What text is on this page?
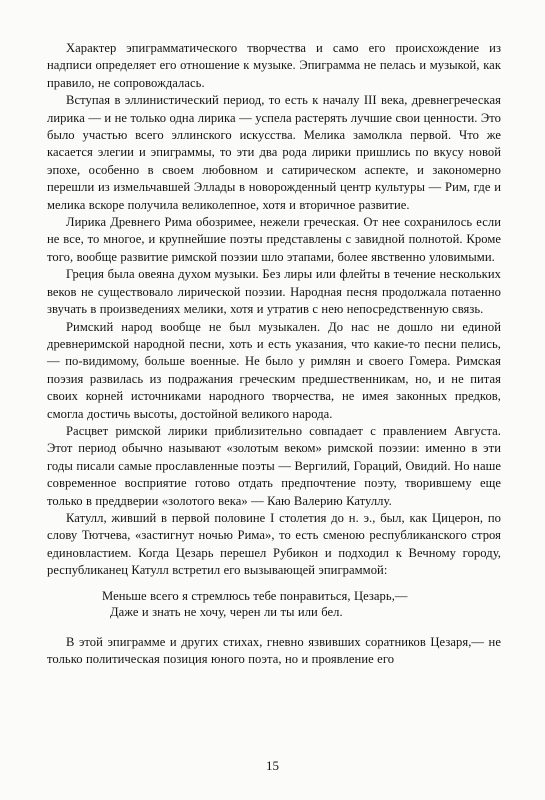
Характер эпиграмматического творчества и само его происхождение из надписи определяет его отношение к музыке. Эпиграмма не пелась и музыкой, как правило, не сопровождалась.

Вступая в эллинистический период, то есть к началу III века, древнегреческая лирика — и не только одна лирика — успела растерять лучшие свои ценности. Это было участью всего эллинского искусства. Мелика замолкла первой. Что же касается элегии и эпиграммы, то эти два рода лирики пришлись по вкусу новой эпохе, особенно в своем любовном и сатирическом аспекте, и закономерно перешли из измельчавшей Эллады в новорожденный центр культуры — Рим, где и мелика вскоре получила великолепное, хотя и вторичное развитие.

Лирика Древнего Рима обозримее, нежели греческая. От нее сохранилось если не все, то многое, и крупнейшие поэты представлены с завидной полнотой. Кроме того, вообще развитие римской поэзии шло этапами, более явственно уловимыми.

Греция была овеяна духом музыки. Без лиры или флейты в течение нескольких веков не существовало лирической поэзии. Народная песня продолжала потаенно звучать в произведениях мелики, хотя и утратив с нею непосредственную связь.

Римский народ вообще не был музыкален. До нас не дошло ни единой древнеримской народной песни, хоть и есть указания, что какие-то песни пелись,— по-видимому, больше военные. Не было у римлян и своего Гомера. Римская поэзия развилась из подражания греческим предшественникам, но, и не питая своих корней источниками народного творчества, не имея законных предков, смогла достичь высоты, достойной великого народа.

Расцвет римской лирики приблизительно совпадает с правлением Августа. Этот период обычно называют «золотым веком» римской поэзии: именно в эти годы писали самые прославленные поэты — Вергилий, Гораций, Овидий. Но наше современное восприятие готово отдать предпочтение поэту, творившему еще только в преддверии «золотого века» — Каю Валерию Катуллу.

Катулл, живший в первой половине I столетия до н. э., был, как Цицерон, по слову Тютчева, «застигнут ночью Рима», то есть сменою республиканского строя единовластием. Когда Цезарь перешел Рубикон и подходил к Вечному городу, республиканец Катулл встретил его вызывающей эпиграммой:

Меньше всего я стремлюсь тебе понравиться, Цезарь,—
Даже и знать не хочу, черен ли ты или бел.

В этой эпиграмме и других стихах, гневно язвивших соратников Цезаря,— не только политическая позиция юного поэта, но и проявление его

15
